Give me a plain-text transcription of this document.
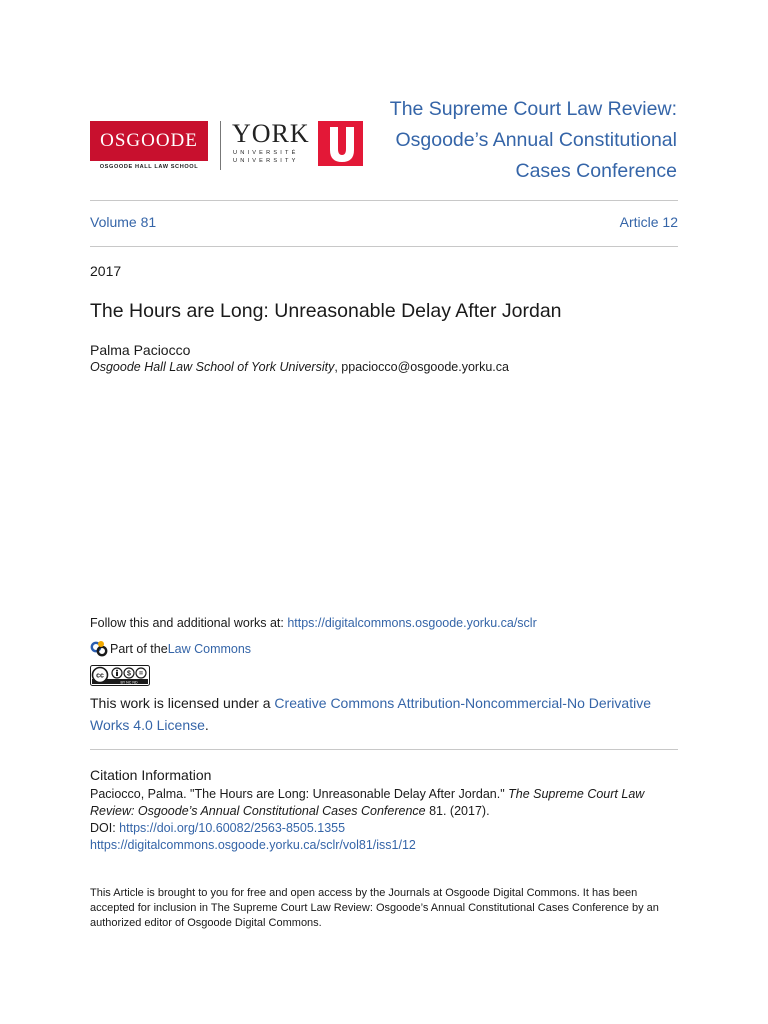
OSGOODE
OSGOODE HALL LAW SCHOOL
YORK
UNIVERSITÉ
UNIVERSITY
The Supreme Court Law Review:
Osgoode’s Annual Constitutional
Cases Conference
Volume 81	Article 12
2017
The Hours are Long: Unreasonable Delay After Jordan
Palma Paciocco
Osgoode Hall Law School of York University, ppaciocco@osgoode.yorku.ca
Follow this and additional works at: https://digitalcommons.osgoode.yorku.ca/sclr
Part of the Law Commons
cc	$ =
BY NC ND
This work is licensed under a Creative Commons Attribution-Noncommercial-No Derivative Works 4.0 License.
Citation Information
Paciocco, Palma. "The Hours are Long: Unreasonable Delay After Jordan." The Supreme Court Law Review: Osgoode’s Annual Constitutional Cases Conference 81. (2017).
DOI: https://doi.org/10.60082/2563-8505.1355
https://digitalcommons.osgoode.yorku.ca/sclr/vol81/iss1/12
This Article is brought to you for free and open access by the Journals at Osgoode Digital Commons. It has been accepted for inclusion in The Supreme Court Law Review: Osgoode’s Annual Constitutional Cases Conference by an authorized editor of Osgoode Digital Commons.
